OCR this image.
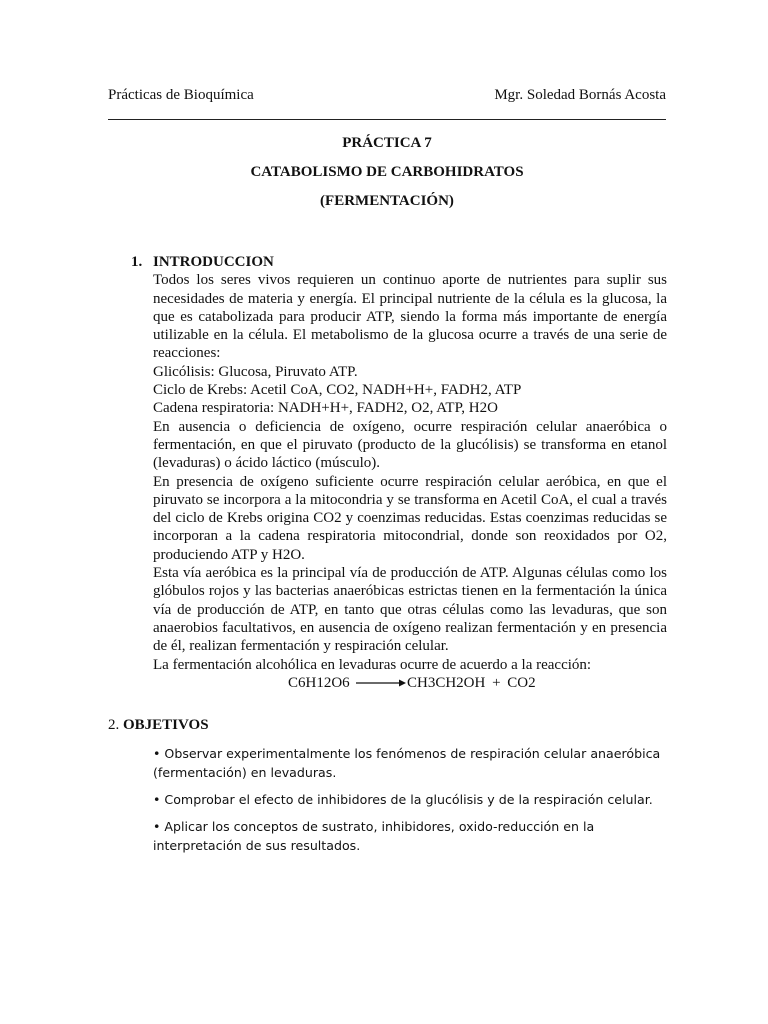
Prácticas de Bioquímica	Mgr. Soledad Bornás Acosta
PRÁCTICA 7
CATABOLISMO DE CARBOHIDRATOS
(FERMENTACIÓN)
1. INTRODUCCION

Todos los seres vivos requieren un continuo aporte de nutrientes para suplir sus necesidades de materia y energía. El principal nutriente de la célula es la glucosa, la que es catabolizada para producir ATP, siendo la forma más importante de energía utilizable en la célula. El metabolismo de la glucosa ocurre a través de una serie de reacciones:

Glicólisis: Glucosa, Piruvato ATP.

Ciclo de Krebs: Acetil CoA, CO2, NADH+H+, FADH2, ATP

Cadena respiratoria: NADH+H+, FADH2, O2, ATP, H2O

En ausencia o deficiencia de oxígeno, ocurre respiración celular anaeróbica o fermentación, en que el piruvato (producto de la glucólisis) se transforma en etanol (levaduras) o ácido láctico (músculo).

En presencia de oxígeno suficiente ocurre respiración celular aeróbica, en que el piruvato se incorpora a la mitocondria y se transforma en Acetil CoA, el cual a través del ciclo de Krebs origina CO2 y coenzimas reducidas. Estas coenzimas reducidas se incorporan a la cadena respiratoria mitocondrial, donde son reoxidados por O2, produciendo ATP y H2O.

Esta vía aeróbica es la principal vía de producción de ATP. Algunas células como los glóbulos rojos y las bacterias anaeróbicas estrictas tienen en la fermentación la única vía de producción de ATP, en tanto que otras células como las levaduras, que son anaerobios facultativos, en ausencia de oxígeno realizan fermentación y en presencia de él, realizan fermentación y respiración celular.

La fermentación alcohólica en levaduras ocurre de acuerdo a la reacción:

C6H12O6 → CH3CH2OH + CO2
2. OBJETIVOS

• Observar experimentalmente los fenómenos de respiración celular anaeróbica (fermentación) en levaduras.

• Comprobar el efecto de inhibidores de la glucólisis y de la respiración celular.

• Aplicar los conceptos de sustrato, inhibidores, oxido-reducción en la interpretación de sus resultados.
